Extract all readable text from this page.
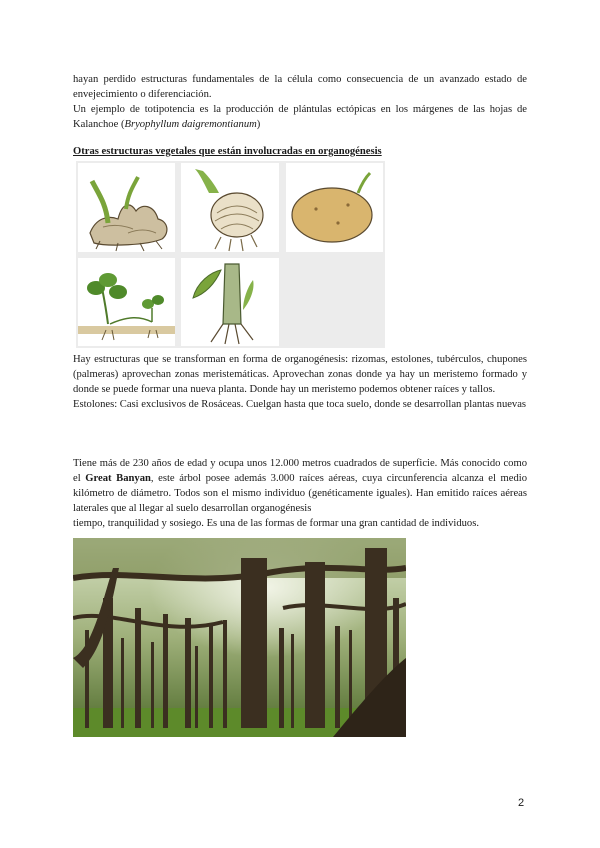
hayan perdido estructuras fundamentales de la célula como consecuencia de un avanzado estado de envejecimiento o diferenciación.

Un ejemplo de totipotencia es la producción de plántulas ectópicas en los márgenes de las hojas de Kalanchoe (Bryophyllum daigremontianum)

Otras estructuras vegetales que están involucradas en organogénesis

Hay estructuras que se transforman en forma de organogénesis: rizomas, estolones, tubérculos, chupones (palmeras) aprovechan zonas meristemáticas. Aprovechan zonas donde ya hay un meristemo formado y donde se puede formar una nueva planta. Donde hay un meristemo podemos obtener raíces y tallos.

Estolones: Casi exclusivos de Rosáceas. Cuelgan hasta que toca suelo, donde se desarrollan plantas nuevas

Tiene más de 230 años de edad y ocupa unos 12.000 metros cuadrados de superficie. Más conocido como el Great Banyan, este árbol posee además 3.000 raíces aéreas, cuya circunferencia alcanza el medio kilómetro de diámetro. Todos son el mismo individuo (genéticamente iguales). Han emitido raíces aéreas laterales que al llegar al suelo desarrollan organogénesis

tiempo, tranquilidad y sosiego. Es una de las formas de formar una gran cantidad de individuos.

2
